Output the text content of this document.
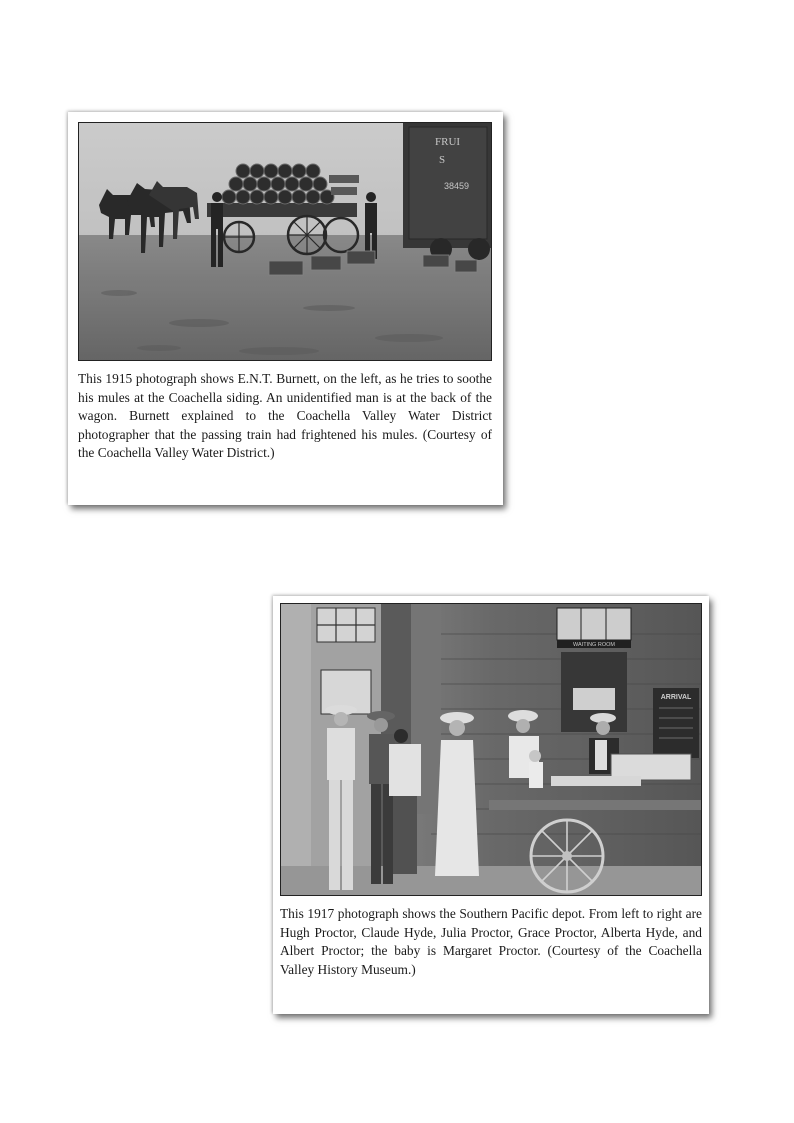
FRUI
S
38459

This 1915 photograph shows E.N.T. Burnett, on the left, as he tries to soothe his mules at the Coachella siding. An unidentified man is at the back of the wagon. Burnett explained to the Coachella Valley Water District photographer that the passing train had frightened his mules. (Courtesy of the Coachella Valley Water District.)

WAITING ROOM
ARRIVAL

This 1917 photograph shows the Southern Pacific depot. From left to right are Hugh Proctor, Claude Hyde, Julia Proctor, Grace Proctor, Alberta Hyde, and Albert Proctor; the baby is Margaret Proctor. (Courtesy of the Coachella Valley History Museum.)
